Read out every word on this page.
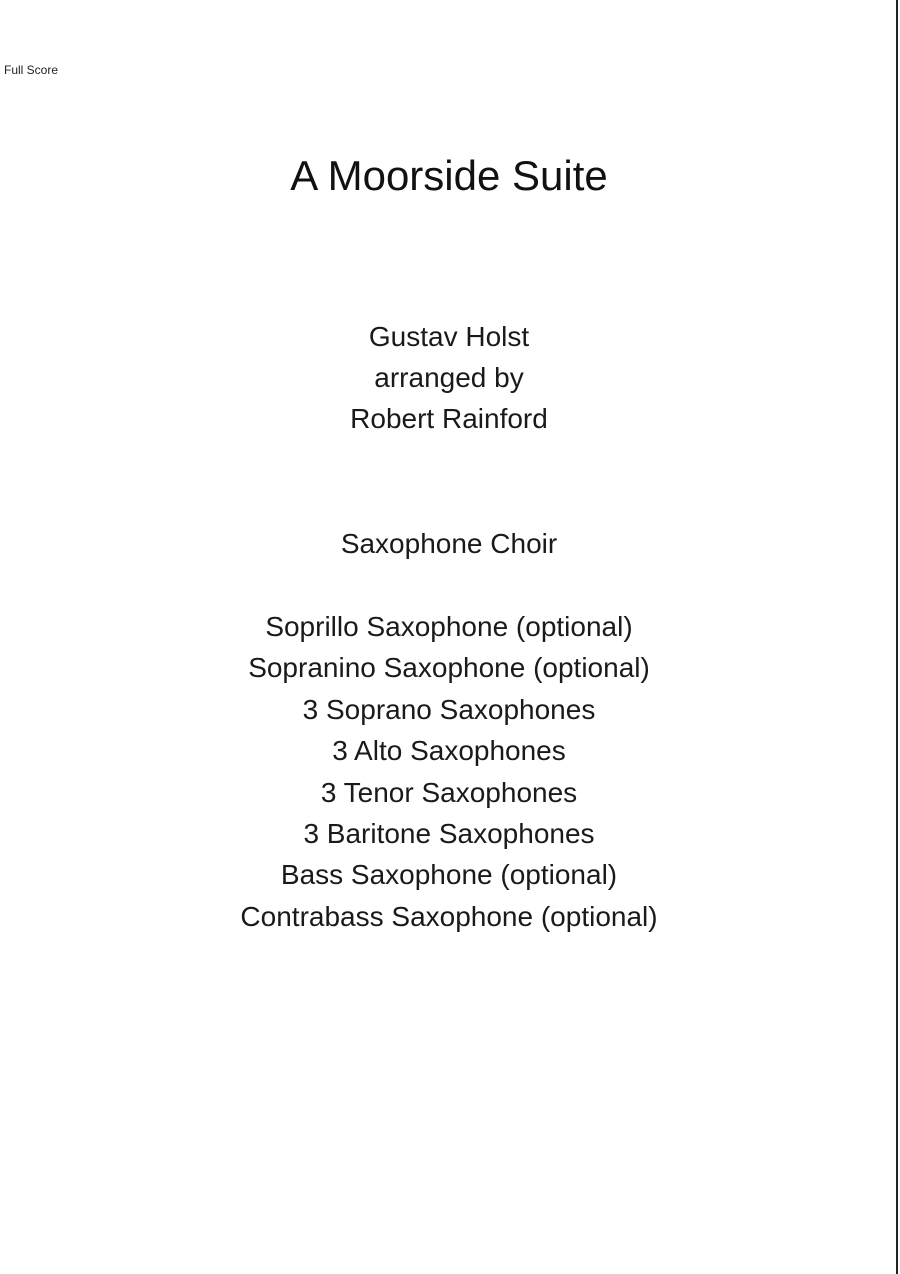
Full Score
A Moorside Suite
Gustav Holst
arranged by
Robert Rainford
Saxophone Choir
Soprillo Saxophone (optional)
Sopranino Saxophone (optional)
3 Soprano Saxophones
3 Alto Saxophones
3 Tenor Saxophones
3 Baritone Saxophones
Bass Saxophone (optional)
Contrabass Saxophone (optional)
